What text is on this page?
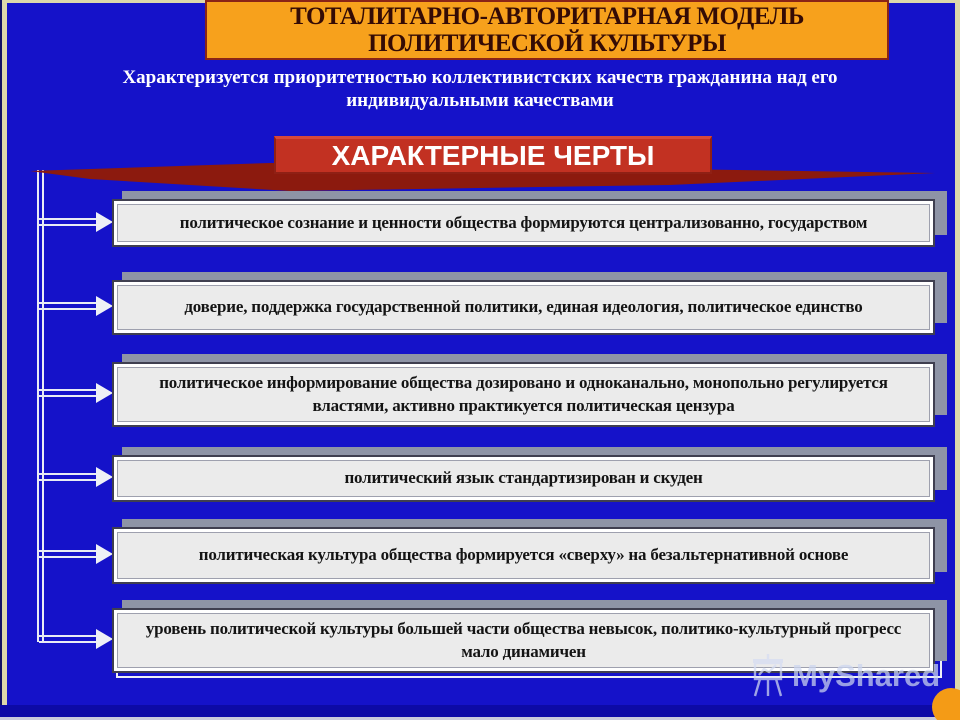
ТОТАЛИТАРНО-АВТОРИТАРНАЯ МОДЕЛЬ
ПОЛИТИЧЕСКОЙ КУЛЬТУРЫ
Характеризуется приоритетностью коллективистских качеств гражданина над его
индивидуальными качествами
ХАРАКТЕРНЫЕ ЧЕРТЫ
политическое сознание и ценности общества формируются централизованно, государством
доверие, поддержка государственной политики, единая идеология, политическое единство
политическое информирование общества дозировано и одноканально, монопольно регулируется властями, активно практикуется политическая цензура
политический язык стандартизирован и скуден
политическая культура общества формируется «сверху» на безальтернативной основе
уровень политической культуры большей части общества невысок, политико-культурный прогресс мало динамичен
MyShared
